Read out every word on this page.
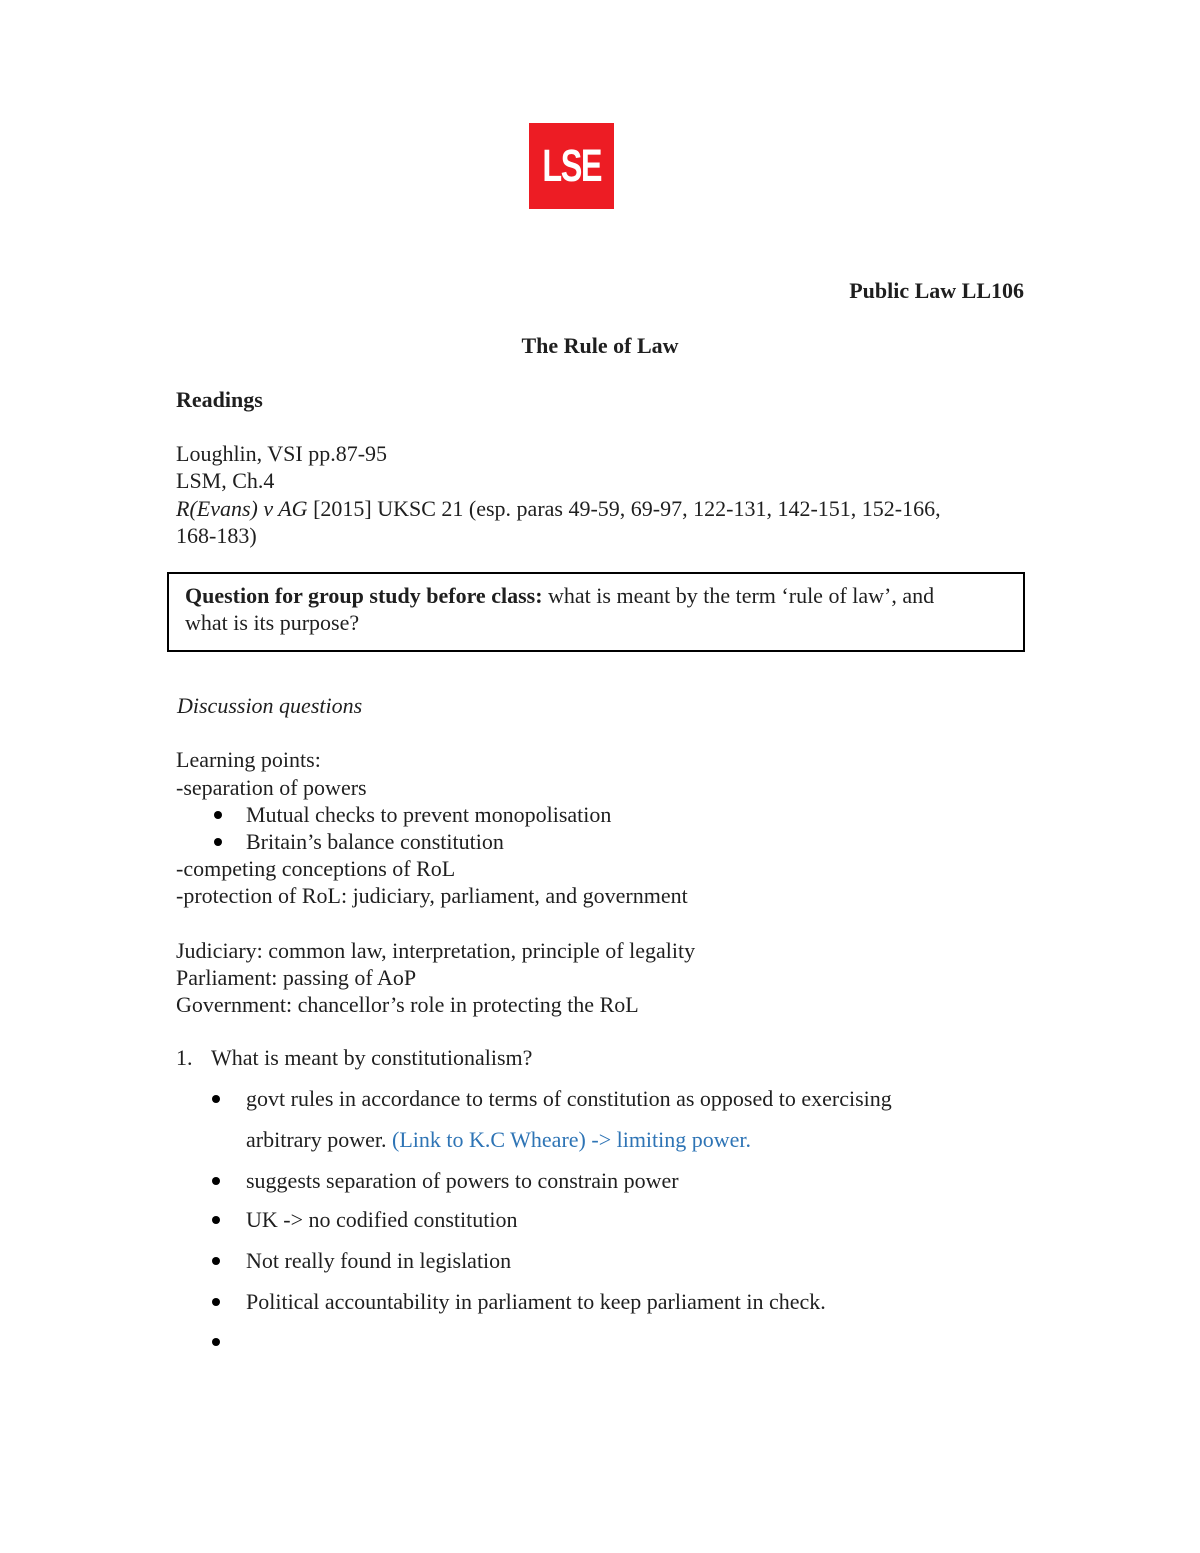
LSE
Public Law LL106
The Rule of Law
Readings
Loughlin, VSI pp.87-95
LSM, Ch.4
R(Evans) v AG [2015] UKSC 21 (esp. paras 49-59, 69-97, 122-131, 142-151, 152-166,
168-183)
Question for group study before class: what is meant by the term ‘rule of law’, and
what is its purpose?
Discussion questions
Learning points:
-separation of powers
Mutual checks to prevent monopolisation
Britain’s balance constitution
-competing conceptions of RoL
-protection of RoL: judiciary, parliament, and government
Judiciary: common law, interpretation, principle of legality
Parliament: passing of AoP
Government: chancellor’s role in protecting the RoL
1. What is meant by constitutionalism?
govt rules in accordance to terms of constitution as opposed to exercising
arbitrary power. (Link to K.C Wheare) -> limiting power.
suggests separation of powers to constrain power
UK -> no codified constitution
Not really found in legislation
Political accountability in parliament to keep parliament in check.
